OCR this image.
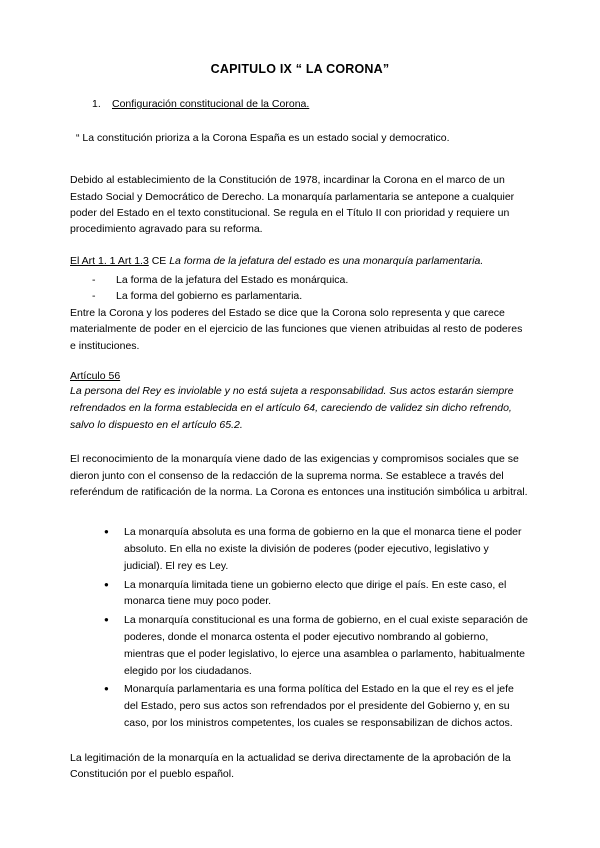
CAPITULO IX “ LA CORONA”
1.	Configuración constitucional de la Corona.

“ La constitución prioriza a la Corona España es un estado social y democratico.

Debido al establecimiento de la Constitución de 1978, incardinar la Corona en el marco de un Estado Social y Democrático de Derecho. La monarquía parlamentaria se antepone a cualquier poder del Estado en el texto constitucional. Se regula en el Título II con prioridad y requiere un procedimiento agravado para su reforma.

El Art 1. 1 Art 1.3 CE La forma de la jefatura del estado es una monarquía parlamentaria.
- La forma de la jefatura del Estado es monárquica.
- La forma del gobierno es parlamentaria.

Entre la Corona y los poderes del Estado se dice que la Corona solo representa y que carece materialmente de poder en el ejercicio de las funciones que vienen atribuidas al resto de poderes e instituciones.

Artículo 56

La persona del Rey es inviolable y no está sujeta a responsabilidad. Sus actos estarán siempre refrendados en la forma establecida en el artículo 64, careciendo de validez sin dicho refrendo, salvo lo dispuesto en el artículo 65.2.

El reconocimiento de la monarquía viene dado de las exigencias y compromisos sociales que se dieron junto con el consenso de la redacción de la suprema norma. Se establece a través del referéndum de ratificación de la norma. La Corona es entonces una institución simbólica u arbitral.

● La monarquía absoluta es una forma de gobierno en la que el monarca tiene el poder absoluto. En ella no existe la división de poderes (poder ejecutivo, legislativo y judicial). El rey es Ley.
● La monarquía limitada tiene un gobierno electo que dirige el país. En este caso, el monarca tiene muy poco poder.
● La monarquía constitucional es una forma de gobierno, en el cual existe separación de poderes, donde el monarca ostenta el poder ejecutivo nombrando al gobierno, mientras que el poder legislativo, lo ejerce una asamblea o parlamento, habitualmente elegido por los ciudadanos.
● Monarquía parlamentaria es una forma política del Estado en la que el rey es el jefe del Estado, pero sus actos son refrendados por el presidente del Gobierno y, en su caso, por los ministros competentes, los cuales se responsabilizan de dichos actos.

La legitimación de la monarquía en la actualidad se deriva directamente de la aprobación de la Constitución por el pueblo español.
